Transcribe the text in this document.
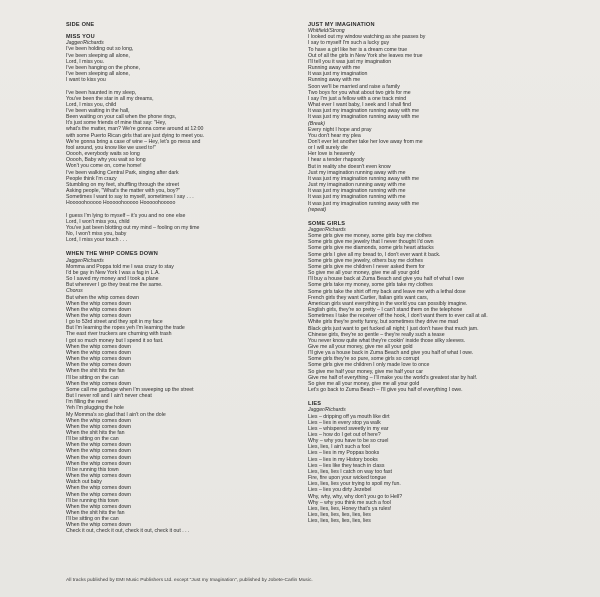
SIDE ONE
MISS YOU
Jagger/Richards
I've been holding out so long,
I've been sleeping all alone,
Lord, I miss you.
I've been hanging on the phone,
I've been sleeping all alone,
I want to kiss you
I've been haunted in my sleep,
You've been the star in all my dreams,
Lord, I miss you, child
I've been waiting in the hall,
Been waiting on your call when the phone rings,
It's just some friends of mine that say: "Hey,
what's the matter, man? We're gonna come around at 12:00
with some Puerto Rican girls that are just dying to meet you.
We're gonna bring a case of wine – Hey, let's go mess and
fool around, you know like we used to!"
Ooooh, everybody waits so long
Ooooh, Baby why you wait so long
Won't you come on, come home!
I've been walking Central Park, singing after dark
People think I'm crazy
Stumbling on my feet, shuffling through the street
Asking people, "What's the matter with you, boy?"
Sometimes I want to say to myself, sometimes I say . . .
Hooooohooooo Hooooohooooo Hooooohooooo
I guess I'm lying to myself – it's you and no one else
Lord, I won't miss you, child
You've just been blotting out my mind – fooling on my time
No, I won't miss you, baby
Lord, I miss your touch . . .
WHEN THE WHIP COMES DOWN
Jagger/Richards
Momma and Poppa told me I was crazy to stay
I'd be gay in New York I was a fag in L.A.
So I saved my money and I took a plane
But wherever I go they treat me the same.
Chorus
But when the whip comes down
When the whip comes down
When the whip comes down
When the whip comes down
I go to 53rd street and they spit in my face
But I'm learning the ropes yeh I'm learning the trade
The east river truckers are churning with trash
I got so much money but I spend it so fast.
When the whip comes down
When the whip comes down
When the whip comes down
When the whip comes down
When the shit hits the fan
I'll be sitting on the can
When the whip comes down
Some call me garbage when I'm sweeping up the street
But I never roll and I ain't never cheat
I'm filling the need
Yeh I'm plugging the hole
My Momma's so glad that I ain't on the dole
When the whip comes down
When the whip comes down
When the shit hits the fan
I'll be sitting on the can
When the whip comes down
When the whip comes down
When the whip comes down
When the whip comes down
I'll be running this town
When the whip comes down
Watch out baby
When the whip comes down
When the whip comes down
I'll be running this town
When the whip comes down
When the shit hits the fan
I'll be sitting on the can
When the whip comes down
Check it out, check it out, check it out, check it out . . .
JUST MY IMAGINATION
Whitfield/Strong
I looked out my window watching as she passes by
I say to myself I'm such a lucky guy
To have a girl like her is a dream come true
Out of all the girls in New York she leaves me true
I'll tell you it was just my imagination
Running away with me
It was just my imagination
Running away with me
Soon we'll be married and raise a family
Two boys for you what about two girls for me
I say I'm just a fellow with a one track mind
What ever I want baby, I seek and I shall find
It was just my imagination running away with me
It was just my imagination running away with me
(Break)
Every night I hope and pray
You don't hear my plea
Don't ever let another take her love away from me
or I will surely die
Her love is heavenly
I hear a tender rhapsody
But in reality she doesn't even know
Just my imagination running away with me
It was just my imagination running away with me
Just my imagination running away with me
It was just my imagination running with me
It was just my imagination running with me
It was just my imagination running away with me
(repeat)
SOME GIRLS
Jagger/Richards
Some girls give me money, some girls buy me clothes
Some girls give me jewelry that I never thought I'd own
Some girls give me diamonds, some girls heart attacks
Some girls I give all my bread to, I don't ever want it back.
Some girls give me jewelry, others buy me clothes
Some girls give me children I never asked them for
So give me all your money, give me all your gold
I'll buy a house back at Zuma Beach and give you half of what I owe
Some girls take my money, some girls take my clothes
Some girls take the shirt off my back and leave me with a lethal dose
French girls they want Cartier, Italian girls want cars,
American girls want everything in the world you can possibly imagine.
English girls, they're so pretty – I can't stand them on the telephone
Sometimes I take the receiver off the hook, I don't want them to ever call at all.
White girls they're pretty funny, but sometimes they drive me mad
Black girls just want to get fucked all night; I just don't have that much jam.
Chinese girls, they're so gentle – they're really such a tease
You never know quite what they're cookin' inside those silky sleeves.
Give me all your money, give me all your gold
I'll give ya a house back in Zuma Beach and give you half of what I owe.
Some girls they're so pure, some girls so corrupt
Some girls give me children I only made love to once
So give me half your money, give me half your car
Give me half of everything – I'll make you the world's greatest star by half.
So give me all your money, give me all your gold
Let's go back to Zuma Beach – I'll give you half of everything I owe.
LIES
Jagger/Richards
Lies – dripping off ya mouth like dirt
Lies – lies in every stop ya walk
Lies – whispered sweetly in my ear
Lies – how do I get out of here?
Why – why you have to be so cruel
Lies, lies, I ain't such a fool
Lies – lies in my Poppas books
Lies – lies in my History books
Lies – lies like they teach in class
Lies, lies, lies I catch on way too fast
Fire, fire upon your wicked tongue
Lies, lies, lies your trying to spoil my fun.
Lies – lies you dirty Jezebel
Why, why, why, why don't you go to Hell?
Why – why you think me such a fool
Lies, lies, lies, Honey that's ya rules!
Lies, lies, lies, lies, lies, lies
Lies, lies, lies, lies, lies, lies
All tracks published by EMI Music Publishers Ltd. except "Just my Imagination", published by Jobete-Carlin Music.
